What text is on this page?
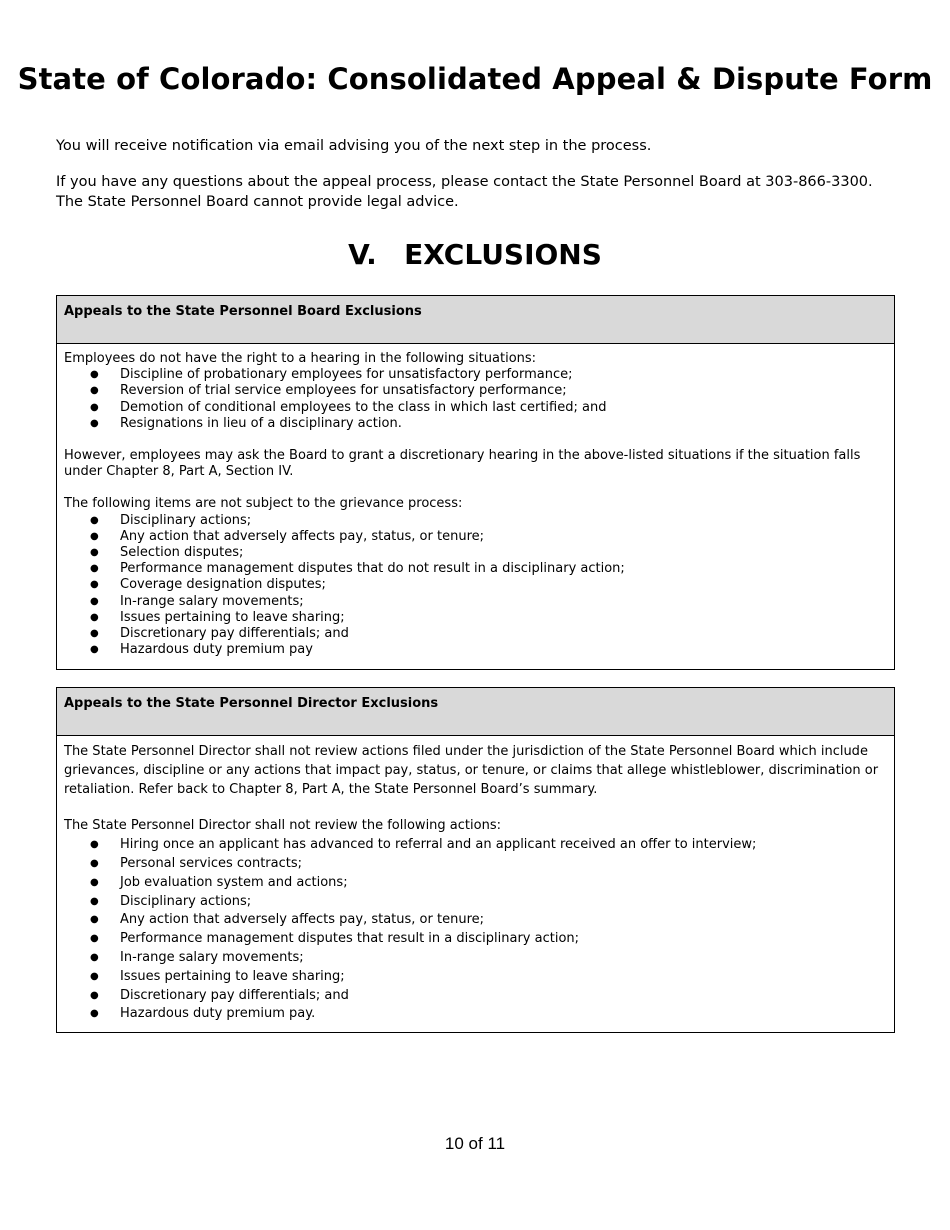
State of Colorado: Consolidated Appeal & Dispute Form

You will receive notification via email advising you of the next step in the process.

If you have any questions about the appeal process, please contact the State Personnel Board at 303-866-3300. The State Personnel Board cannot provide legal advice.

V. EXCLUSIONS
Appeals to the State Personnel Board Exclusions

Employees do not have the right to a hearing in the following situations:

● Discipline of probationary employees for unsatisfactory performance;
● Reversion of trial service employees for unsatisfactory performance;
● Demotion of conditional employees to the class in which last certified; and
● Resignations in lieu of a disciplinary action.

However, employees may ask the Board to grant a discretionary hearing in the above-listed situations if the situation falls under Chapter 8, Part A, Section IV.

The following items are not subject to the grievance process:

● Disciplinary actions;
● Any action that adversely affects pay, status, or tenure;
● Selection disputes;
● Performance management disputes that do not result in a disciplinary action;
● Coverage designation disputes;
● In-range salary movements;
● Issues pertaining to leave sharing;
● Discretionary pay differentials; and
● Hazardous duty premium pay
Appeals to the State Personnel Director Exclusions

The State Personnel Director shall not review actions filed under the jurisdiction of the State Personnel Board which include grievances, discipline or any actions that impact pay, status, or tenure, or claims that allege whistleblower, discrimination or retaliation. Refer back to Chapter 8, Part A, the State Personnel Board’s summary.

The State Personnel Director shall not review the following actions:

● Hiring once an applicant has advanced to referral and an applicant received an offer to interview;
● Personal services contracts;
● Job evaluation system and actions;
● Disciplinary actions;
● Any action that adversely affects pay, status, or tenure;
● Performance management disputes that result in a disciplinary action;
● In-range salary movements;
● Issues pertaining to leave sharing;
● Discretionary pay differentials; and
● Hazardous duty premium pay.
10 of 11
